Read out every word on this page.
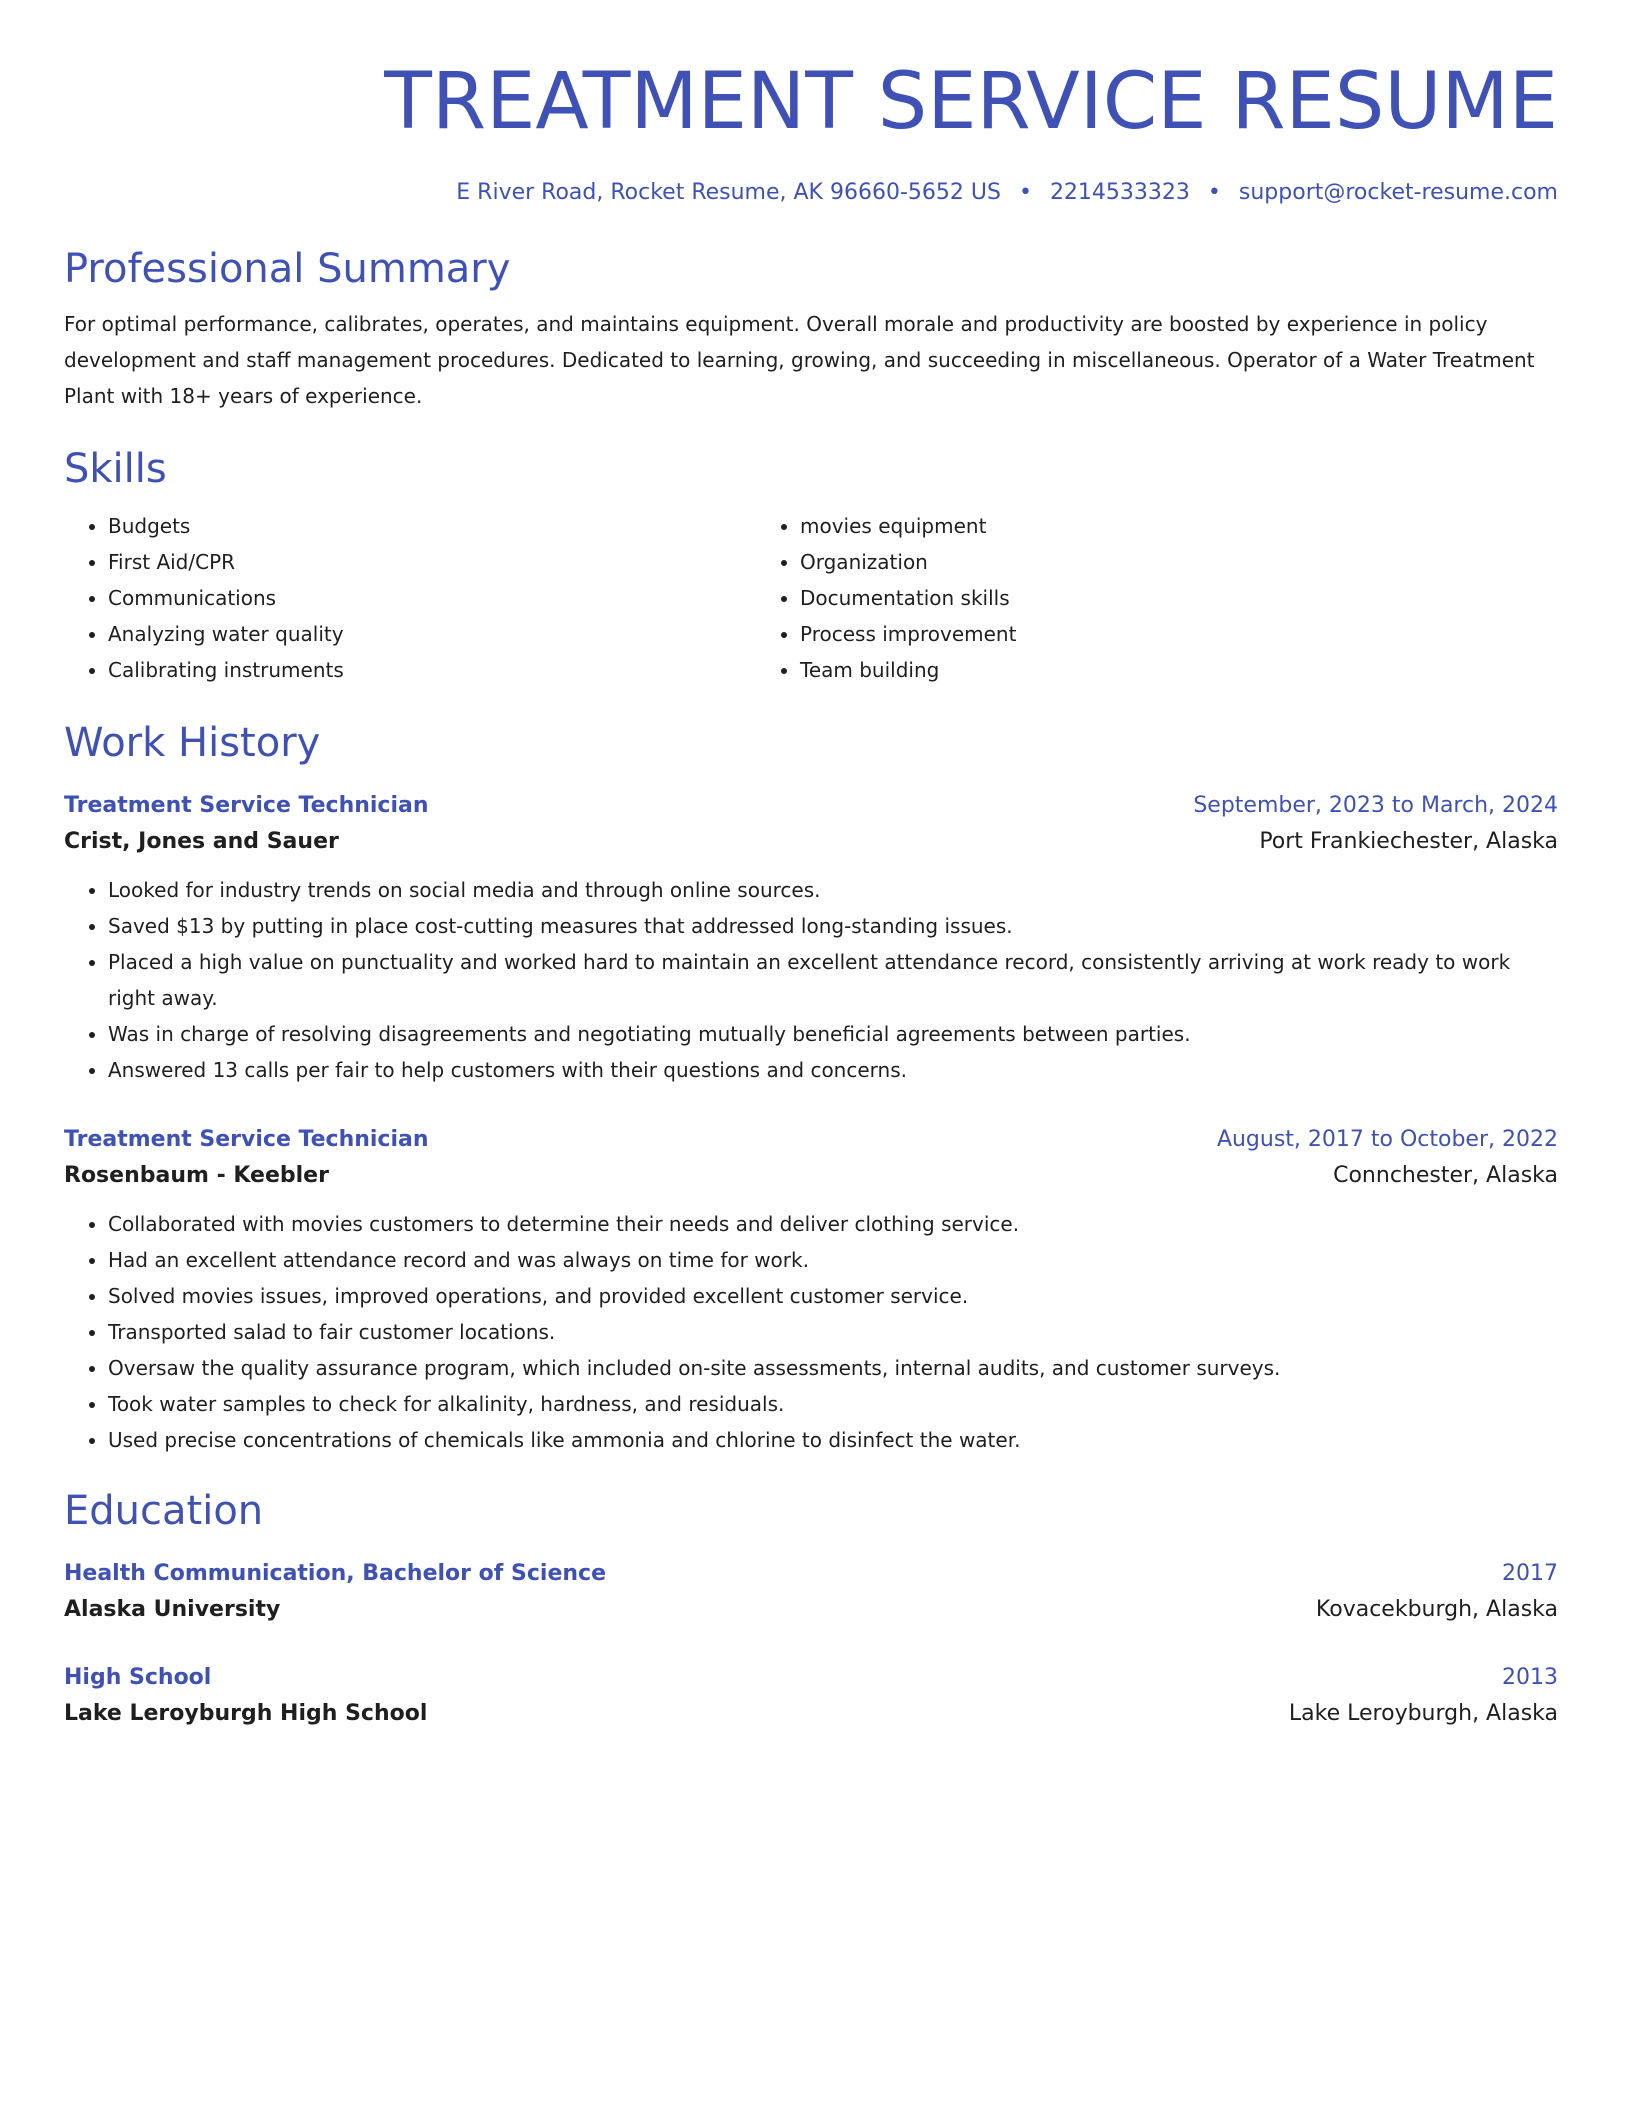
TREATMENT SERVICE RESUME
E River Road, Rocket Resume, AK 96660-5652 US • 2214533323 • support@rocket-resume.com
Professional Summary

For optimal performance, calibrates, operates, and maintains equipment. Overall morale and productivity are boosted by experience in policy development and staff management procedures. Dedicated to learning, growing, and succeeding in miscellaneous. Operator of a Water Treatment Plant with 18+ years of experience.

Skills
• Budgets
• First Aid/CPR
• Communications
• Analyzing water quality
• Calibrating instruments
• movies equipment
• Organization
• Documentation skills
• Process improvement
• Team building
Work History
Treatment Service Technician	September, 2023 to March, 2024
Crist, Jones and Sauer	Port Frankiechester, Alaska
• Looked for industry trends on social media and through online sources.
• Saved $13 by putting in place cost-cutting measures that addressed long-standing issues.
• Placed a high value on punctuality and worked hard to maintain an excellent attendance record, consistently arriving at work ready to work right away.
• Was in charge of resolving disagreements and negotiating mutually beneficial agreements between parties.
• Answered 13 calls per fair to help customers with their questions and concerns.
Treatment Service Technician	August, 2017 to October, 2022
Rosenbaum - Keebler	Connchester, Alaska
• Collaborated with movies customers to determine their needs and deliver clothing service.
• Had an excellent attendance record and was always on time for work.
• Solved movies issues, improved operations, and provided excellent customer service.
• Transported salad to fair customer locations.
• Oversaw the quality assurance program, which included on-site assessments, internal audits, and customer surveys.
• Took water samples to check for alkalinity, hardness, and residuals.
• Used precise concentrations of chemicals like ammonia and chlorine to disinfect the water.
Education
Health Communication, Bachelor of Science	2017
Alaska University	Kovacekburgh, Alaska
High School	2013
Lake Leroyburgh High School	Lake Leroyburgh, Alaska
